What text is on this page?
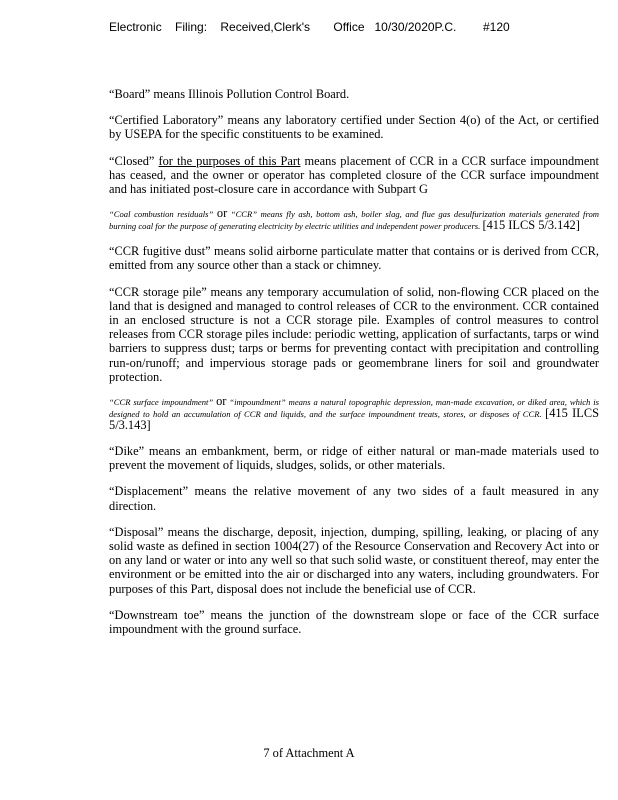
Electronic    Filing:    Received,Clerk's       Office   10/30/2020P.C.        #120

“Board” means Illinois Pollution Control Board.

“Certified Laboratory” means any laboratory certified under Section 4(o) of the Act, or certified by USEPA for the specific constituents to be examined.

“Closed” for the purposes of this Part means placement of CCR in a CCR surface impoundment has ceased, and the owner or operator has completed closure of the CCR surface impoundment and has initiated post-closure care in accordance with Subpart G

“Coal combustion residuals” or “CCR” means fly ash, bottom ash, boiler slag, and flue gas desulfurization materials generated from burning coal for the purpose of generating electricity by electric utilities and independent power producers. [415 ILCS 5/3.142]

“CCR fugitive dust” means solid airborne particulate matter that contains or is derived from CCR, emitted from any source other than a stack or chimney.

“CCR storage pile” means any temporary accumulation of solid, non-flowing CCR placed on the land that is designed and managed to control releases of CCR to the environment. CCR contained in an enclosed structure is not a CCR storage pile. Examples of control measures to control releases from CCR storage piles include: periodic wetting, application of surfactants, tarps or wind barriers to suppress dust; tarps or berms for preventing contact with precipitation and controlling run-on/runoff; and impervious storage pads or geomembrane liners for soil and groundwater protection.

“CCR surface impoundment” or “impoundment” means a natural topographic depression, man-made excavation, or diked area, which is designed to hold an accumulation of CCR and liquids, and the surface impoundment treats, stores, or disposes of CCR. [415 ILCS 5/3.143]

“Dike” means an embankment, berm, or ridge of either natural or man-made materials used to prevent the movement of liquids, sludges, solids, or other materials.

“Displacement” means the relative movement of any two sides of a fault measured in any direction.

“Disposal” means the discharge, deposit, injection, dumping, spilling, leaking, or placing of any solid waste as defined in section 1004(27) of the Resource Conservation and Recovery Act into or on any land or water or into any well so that such solid waste, or constituent thereof, may enter the environment or be emitted into the air or discharged into any waters, including groundwaters. For purposes of this Part, disposal does not include the beneficial use of CCR.

“Downstream toe” means the junction of the downstream slope or face of the CCR surface impoundment with the ground surface.

7 of Attachment A
